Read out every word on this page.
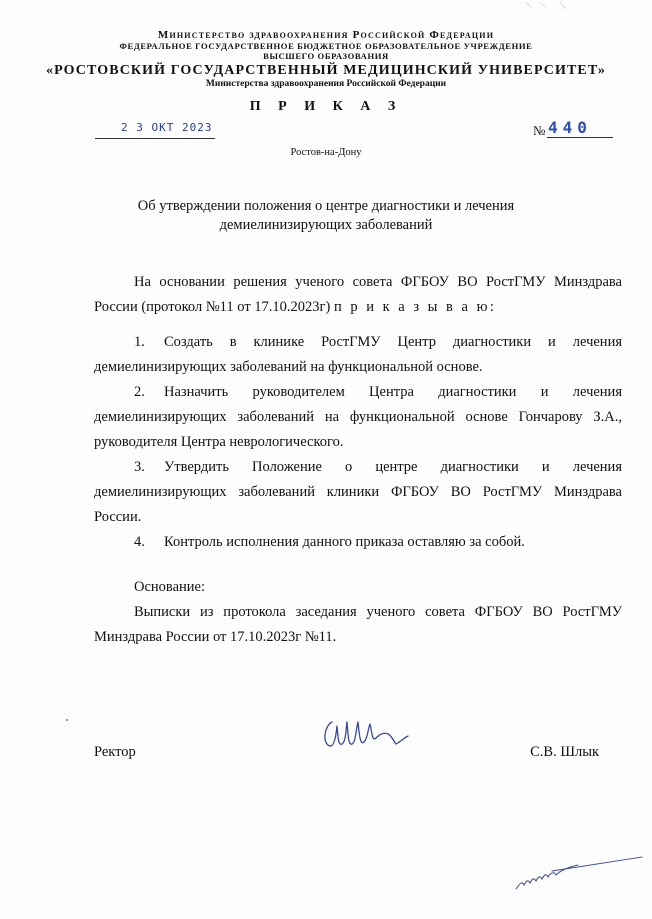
Министерство здравоохранения Российской Федерации
ФЕДЕРАЛЬНОЕ ГОСУДАРСТВЕННОЕ БЮДЖЕТНОЕ ОБРАЗОВАТЕЛЬНОЕ УЧРЕЖДЕНИЕ
ВЫСШЕГО ОБРАЗОВАНИЯ
«РОСТОВСКИЙ ГОСУДАРСТВЕННЫЙ МЕДИЦИНСКИЙ УНИВЕРСИТЕТ»
Министерства здравоохранения Российской Федерации
П Р И К А З
2 3 ОКТ 2023	№ 440
Ростов-на-Дону
Об утверждении положения о центре диагностики и лечения
демиелинизирующих заболеваний

На основании решения ученого совета ФГБОУ ВО РостГМУ Минздрава России (протокол №11 от 17.10.2023г) п р и к а з ы в а ю:

1. Создать в клинике РостГМУ Центр диагностики и лечения демиелинизирующих заболеваний на функциональной основе.

2. Назначить руководителем Центра диагностики и лечения демиелинизирующих заболеваний на функциональной основе Гончарову З.А., руководителя Центра неврологического.

3. Утвердить Положение о центре диагностики и лечения демиелинизирующих заболеваний клиники ФГБОУ ВО РостГМУ Минздрава России.

4. Контроль исполнения данного приказа оставляю за собой.

Основание:

Выписки из протокола заседания ученого совета ФГБОУ ВО РостГМУ Минздрава России от 17.10.2023г №11.

Ректор	С.В. Шлык
